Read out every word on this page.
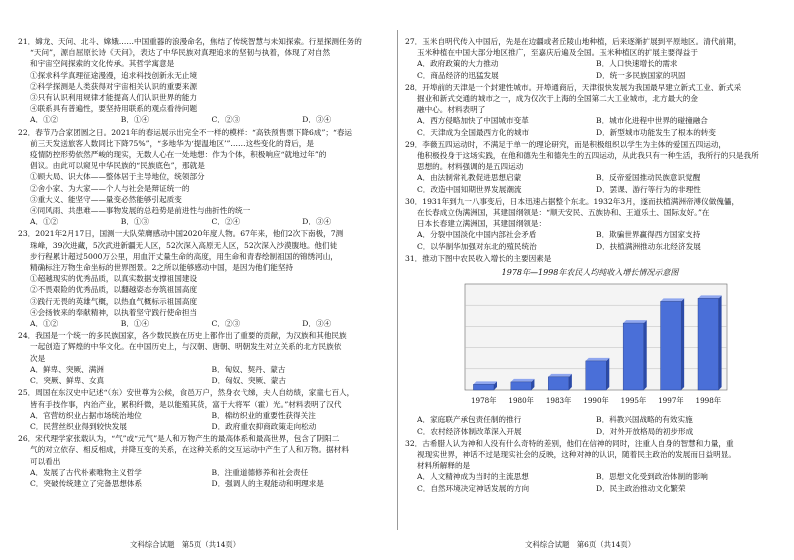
21．嫦龙、天问、北斗、嫦娥……中国重器的浪漫命名，焦结了传统智慧与未知探索。行星探测任务的
“天问”，源自屈原长诗《天问》，表达了中华民族对真理追求的坚韧与执着，体现了对自然
和宇宙空间探索的文化传承。其哲学寓意是
①探求科学真理征途漫漫，追求科技创新永无止境
②科学探测是人类获得对宇宙相关认识的重要来源
③只有认识利用规律才能提高人们认识世界的能力
④联系具有普遍性，要坚持用联系的观点看待问题
A．①②	B．①④	C．②③	D．③④
22．春节乃合家团圆之日。2021年的春运展示出完全不一样的模样：“高铁预售票下降6成”；“春运
前三天发送旅客人数同比下降75%”，“多地华为‘提温地区’”……这些变化的背后，是
疫情防控形势依然严峻的现实，无数人心在一处地想：作为个体，积极响应“就地过年”的
倡议。由此可以窥见中华民族的“民族底色”，那就是
①顾大局、识大体——整体居于主导地位，统领部分
②舍小家、为大家——个人与社会是辩证统一的
③重大义、能坚守——量变必然能够引起质变
④同风雨、共患难——事物发展的总趋势是前进性与曲折性的统一
A．①②	B．①③	C．②④	D．③④
23．2021年2月17日，国测一大队荣膺感动中国2020年度人物。67年来，他们2次下南极，7测
珠峰，39次进藏，5次武进新疆无人区，52次深入高原无人区，52次深入沙漠腹地。他们徒
步行程累计超过5000万公里，用血汗丈量生命的高度，用生命和青春绘制祖国的锦绣河山，
精确标注万物生命坐标的世界图景。2之所以能够感动中国，是因为他们能坚持
①超越现实的优秀品质，以真实数据支撑祖国建设
②不畏艰险的优秀品质，以翻越姿态夯筑祖国高度
③践行无畏的英雄气概，以热血气概标示祖国高度
④会扬彼来的奉献精神，以执着坚守践行使命担当
A．①②	B．①④	C．②③	D．③④
24．我国是一个统一的多民族国家，各少数民族在历史上都作出了重要的贡献，为汉族和其他民族
一起创造了辉煌的中华文化。在中国历史上，与汉朝、唐朝、明朝发生对立关系的北方民族依
次是
A．鲜卑、突厥、满洲	B．匈奴、契丹、蒙古
C．突厥、鲜卑、女真	D．匈奴、突厥、蒙古
25．周国在东汉史中记述“（东）安世尊为公候，食邑万户，然身衣弋绨，夫人自纺绩，家童七百人，
皆有手技作事，内治产业，累积纤微，是以能殖其货，富于大将军（霍）光。”材料表明了汉代
A．官营纺织业占据市场统治地位	B．棉纺织业的重要性获得关注
C．民营丝织业得到较快发展	D．政府重农抑商政策走向松动
26．宋代理学家张载认为，“气”或“元气”是人和万物产生的最高体系和最高世界，包含了阴阳二
气的对立依存、相反相成，并降互变的关系，在这种关系的交互运动中产生了人和万物。据材料
可以看出
A．发展了古代朴素唯物主义哲学	B．注重道德修养和社会责任
C．突破传统建立了完备思想体系	D．强调人的主观能动和明理求是
27．玉米自明代传入中国后，先是在边疆或者丘陵山地种植，后来逐渐扩展到平原地区。清代前期，
玉米种植在中国大部分地区推广，至嘉庆后遍及全国。玉米种植区的扩展主要得益于
A．政府政策的大力推动	B．人口快速增长的需求
C．商品经济的迅猛发展	D．统一多民族国家的巩固
28．开埠前的天津是一个封建性城市。开埠通商后，天津很快发展为我国最早建立新式工业、新式采
掘业和新式交通的城市之一，成为仅次于上海的全国第二大工业城市，北方最大的金
融中心。材料表明了
A．西方侵略加快了中国城市变革	B．城市化进程中世界的碰撞融合
C．天津成为全国最西方化的城市	D．新型城市功能发生了根本的转变
29．李薇五四运动时，不满足于单一的理论研究，而是积极组织以学生为主体的爱国五四运动，
他积极投身于这场实践，在他和德先生和德先生的五四运动，从此我只有一种生活，我所行的只是我所
思想的。材料强调的是五四运动
A．由法制常礼教促进思想启蒙	B．反帝爱国推动民族意识觉醒
C．改造中国知期世界发展潮流	D．罢课、游行等行为的非理性
30．1931年到九一八事变后，日本迅速占据整个东北。1932年3月，遂而扶植满洲帝溥仪做傀儡，
在长春成立伪满洲国，其建国纲领是：“顺天安民、五族协和、王道乐土、国际友好。”在
日本长春建立满洲国，其建国纲领是：
A．分裂中国淡化中国内部社会矛盾	B．欺骗世界赢得西方国家支持
C．以华制华加强对东北的殖民统治	D．扶植满洲推动东北经济发展
31．推动下图中农民收入增长的主要因素是
1978年—1998年农民人均纯收入增长情况示意图
1978年 1980年 1983年 1990年 1995年 1997年 1998年
A．家庭联产承包责任制的推行	B．科教兴国战略的有效实施
C．农村经济体制改革深入开展	D．对外开放格局的初步形成
32．古希腊人认为神和人没有什么奇特的差别，他们在信神的同时，注重人自身的智慧和力量，重
视现实世界，神话不过是现实社会的反映，这种对神的认识，随着民主政治的发展而日益明显。
材料所解释的是
A．人文精神成为当时的主流思想	B．思想文化受到政治体制的影响
C．自然环境决定神话发展的方向	D．民主政治推动文化繁荣
文科综合试题　第5页（共14页）	文科综合试题　第6页（共14页）
